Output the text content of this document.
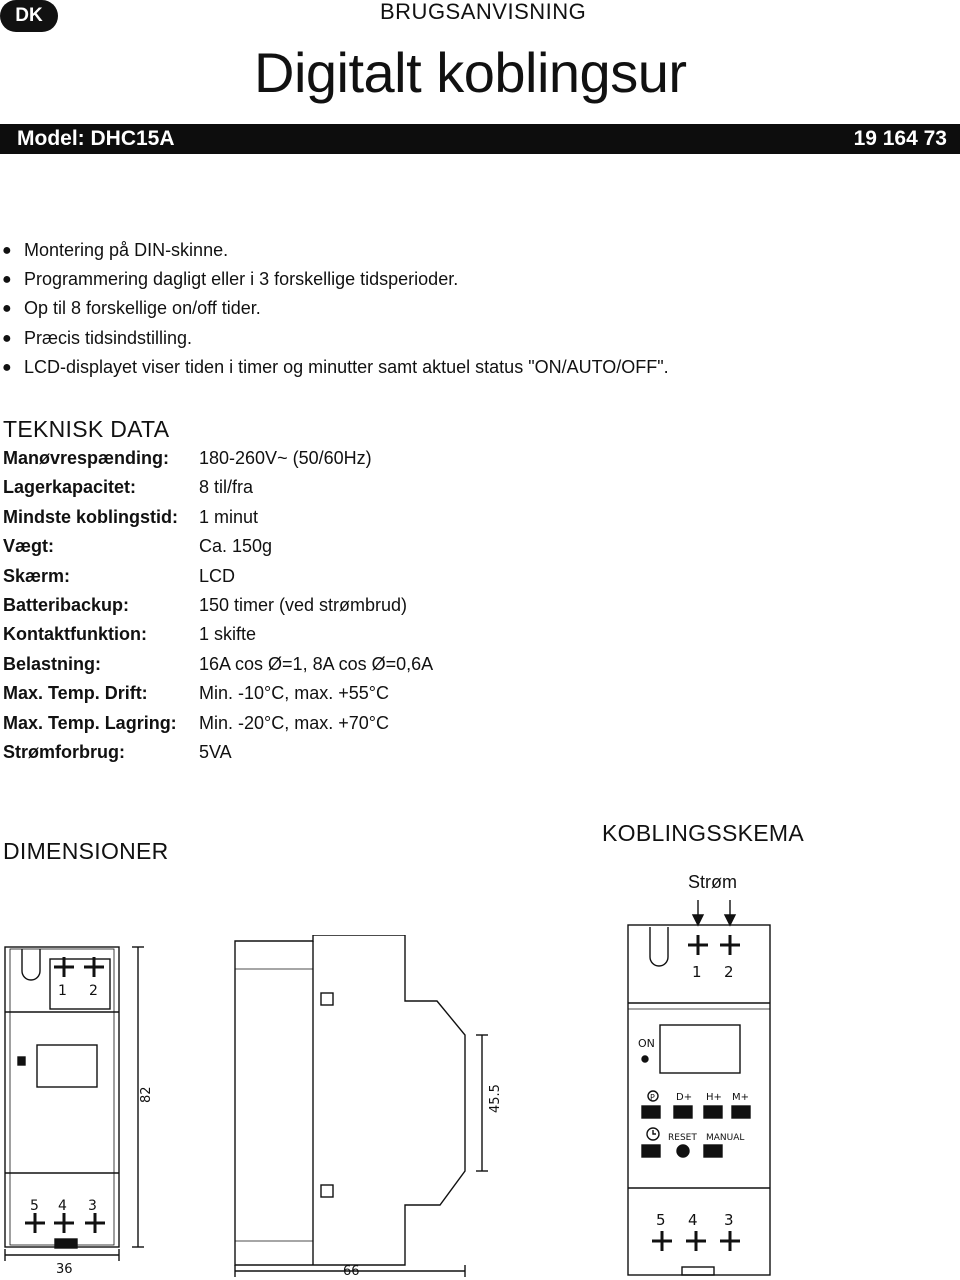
DK	BRUGSANVISNING
Digitalt koblingsur
Model: DHC15A	19 164 73
● Montering på DIN-skinne.
● Programmering dagligt eller i 3 forskellige tidsperioder.
● Op til 8 forskellige on/off tider.
● Præcis tidsindstilling.
● LCD-displayet viser tiden i timer og minutter samt aktuel status "ON/AUTO/OFF".
TEKNISK DATA
Manøvrespænding:	180-260V~ (50/60Hz)
Lagerkapacitet:	8 til/fra
Mindste koblingstid:	1 minut
Vægt:	Ca. 150g
Skærm:	LCD
Batteribackup:	150 timer (ved strømbrud)
Kontaktfunktion:	1 skifte
Belastning:	16A cos Ø=1, 8A cos Ø=0,6A
Max. Temp. Drift:	Min. -10°C, max. +55°C
Max. Temp. Lagring:	Min. -20°C, max. +70°C
Strømforbrug:	5VA
DIMENSIONER
KOBLINGSSKEMA
1 2
5 4 3
82
36
45.5
66
Strøm
1 2
ON
P D+ H+ M+
RESET MANUAL
5 4 3
